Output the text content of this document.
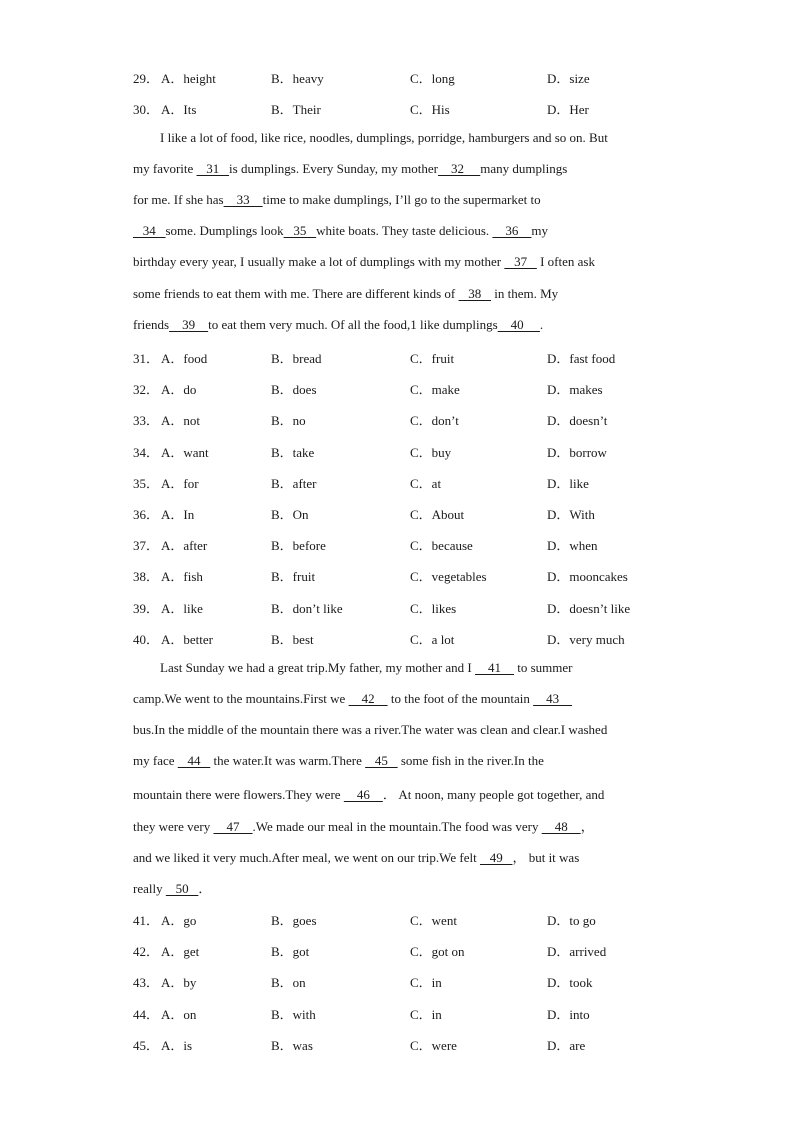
29． A．height	B．heavy	C．long	D．size
30． A．Its	B．Their	C．His	D．Her
I like a lot of food, like rice, noodles, dumplings, porridge, hamburgers and so on. But
my favorite    31   is dumplings. Every Sunday, my mother    32     many dumplings
for me. If she has    33    time to make dumplings, I’ll go to the supermarket to
34   some. Dumplings look   35   white boats. They taste delicious.     36    my
birthday every year, I usually make a lot of dumplings with my mother    37    I often ask
some friends to eat them with me. There are different kinds of    38    in them. My
friends    39    to eat them very much. Of all the food,1 like dumplings    40     .
31． A．food	B．bread	C．fruit	D．fast food
32． A．do	B．does	C．make	D．makes
33． A．not	B．no	C．don’t	D．doesn’t
34． A．want	B．take	C．buy	D．borrow
35． A．for	B．after	C．at	D．like
36． A．In	B．On	C．About	D．With
37． A．after	B．before	C．because	D．when
38． A．fish	B．fruit	C．vegetables	D．mooncakes
39． A．like	B．don’t like	C．likes	D．doesn’t like
40． A．better	B．best	C．a lot	D．very much
Last Sunday we had a great trip.My father, my mother and I     41     to summer
camp.We went to the mountains.First we     42     to the foot of the mountain     43
bus.In the middle of the mountain there was a river.The water was clean and clear.I washed
my face    44    the water.It was warm.There    45    some fish in the river.In the
mountain there were flowers.They were     46    ． At noon, many people got together, and
they were very     47    .We made our meal in the mountain.The food was very     48    ，
and we liked it very much.After meal, we went on our trip.We felt    49   ， but it was
really    50   ．
41． A．go	B．goes	C．went	D．to go
42． A．get	B．got	C．got on	D．arrived
43． A．by	B．on	C．in	D．took
44． A．on	B．with	C．in	D．into
45． A．is	B．was	C．were	D．are
